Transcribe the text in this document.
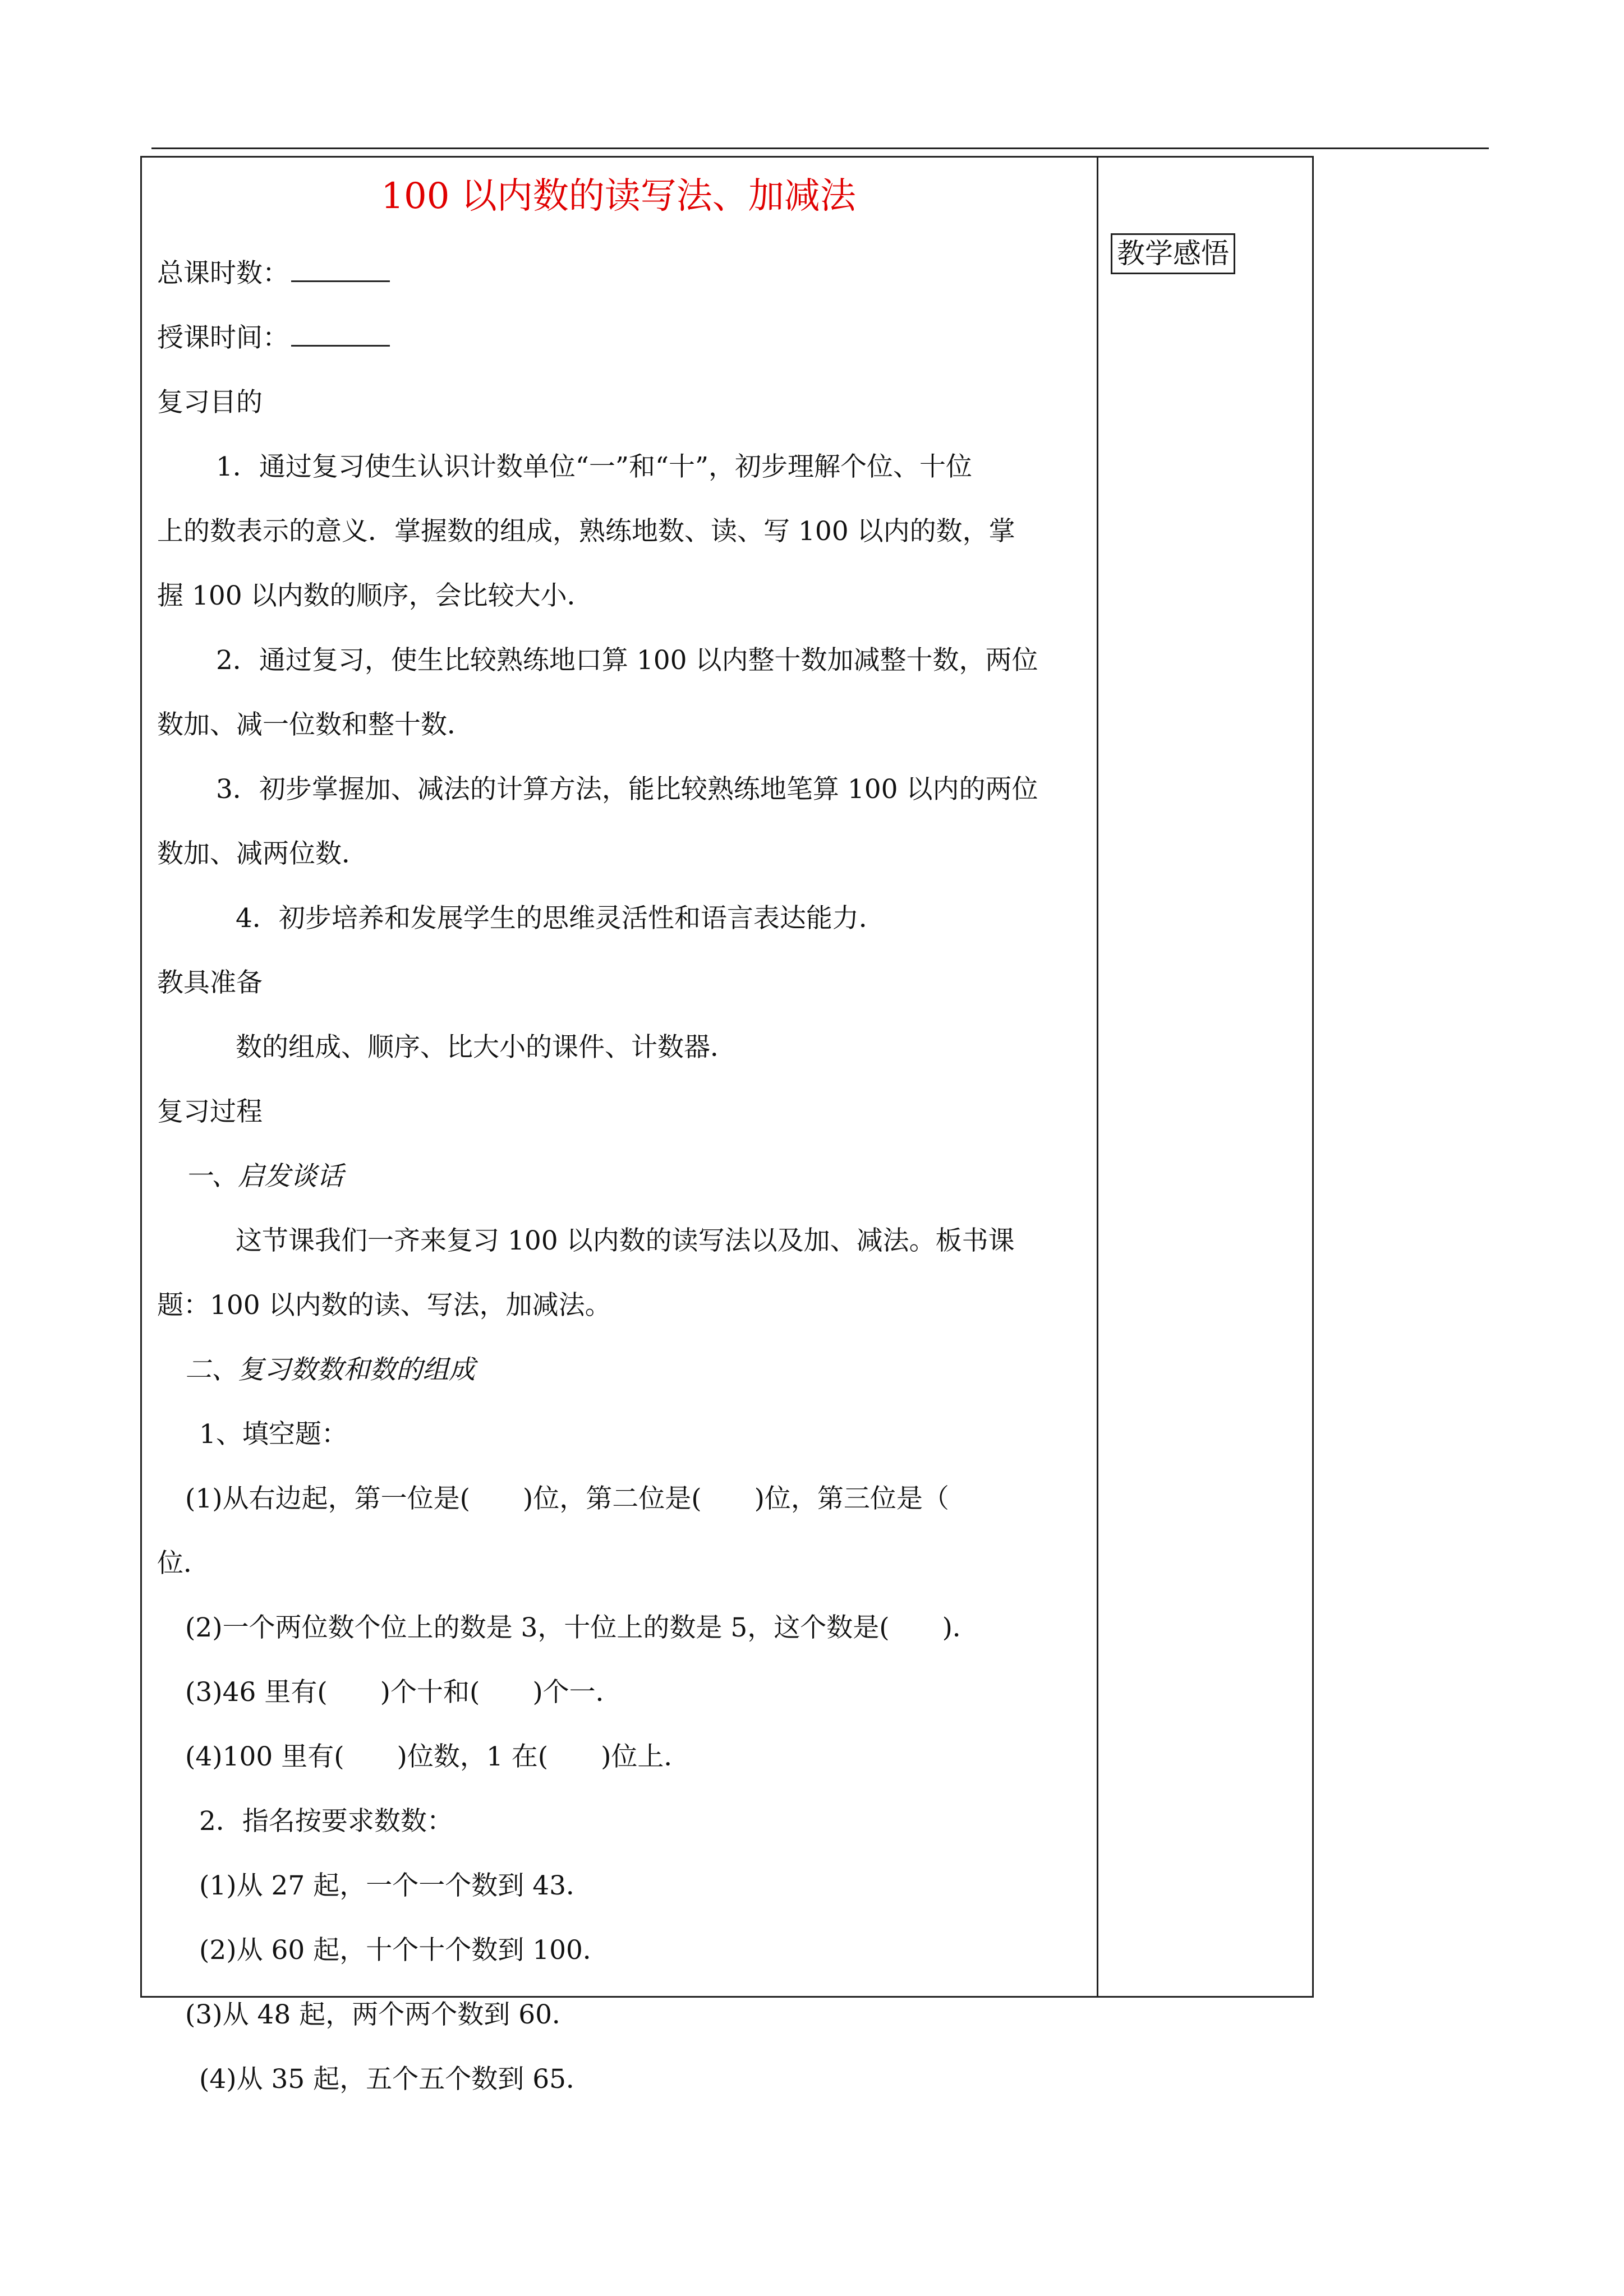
教学感悟
100 以内数的读写法、加减法
总课时数：
授课时间：
复习目的
1．通过复习使生认识计数单位“一”和“十”，初步理解个位、十位
上的数表示的意义．掌握数的组成，熟练地数、读、写 100 以内的数，掌
握 100 以内数的顺序，会比较大小．
2．通过复习，使生比较熟练地口算 100 以内整十数加减整十数，两位
数加、减一位数和整十数．
3．初步掌握加、减法的计算方法，能比较熟练地笔算 100 以内的两位
数加、减两位数．
4．初步培养和发展学生的思维灵活性和语言表达能力．
教具准备
数的组成、顺序、比大小的课件、计数器．
复习过程
一、启发谈话
这节课我们一齐来复习 100 以内数的读写法以及加、减法。板书课
题：100 以内数的读、写法，加减法。
二、复习数数和数的组成
1、填空题：
(1)从右边起，第一位是(　　)位，第二位是(　　)位，第三位是（
位．
(2)一个两位数个位上的数是 3，十位上的数是 5，这个数是(　　)．
(3)46 里有(　　)个十和(　　)个一．
(4)100 里有(　　)位数，1 在(　　)位上．
2．指名按要求数数：
(1)从 27 起，一个一个数到 43．
(2)从 60 起，十个十个数到 100．
(3)从 48 起，两个两个数到 60．
(4)从 35 起，五个五个数到 65．
